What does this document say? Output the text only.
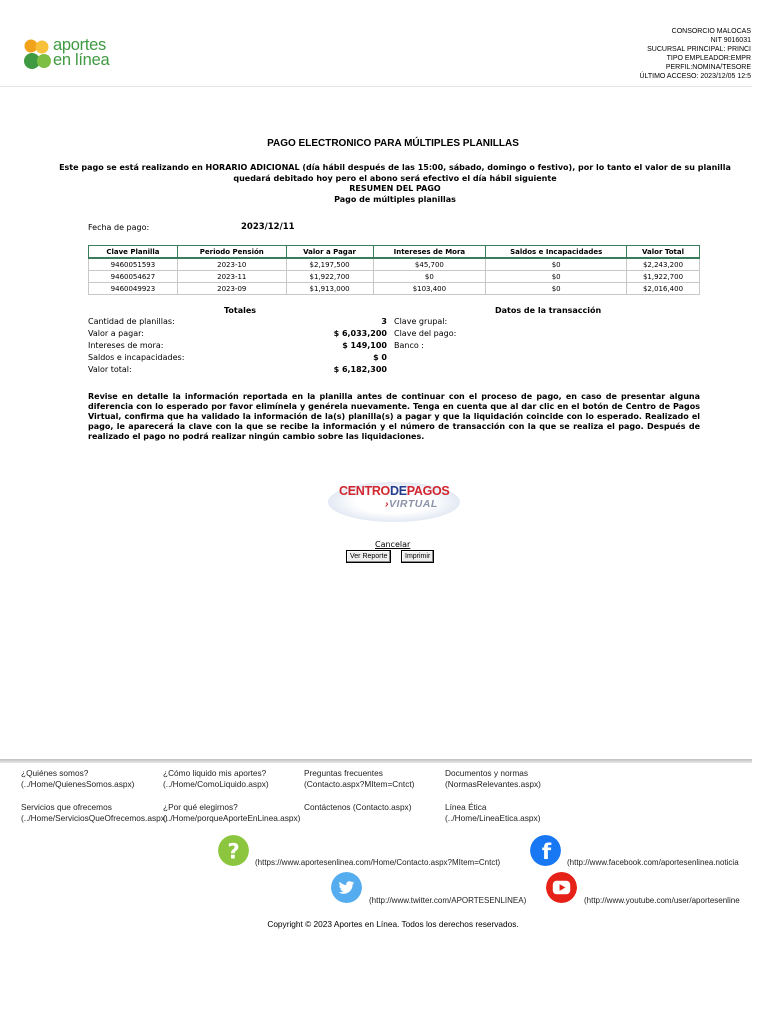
aportes
en línea
CONSORCIO MALOCAS
NIT 9016031
SUCURSAL PRINCIPAL: PRINCI
TIPO EMPLEADOR:EMPR
PERFIL:NOMINA/TESORE
ÚLTIMO ACCESO: 2023/12/05 12:5
PAGO ELECTRONICO PARA MÚLTIPLES PLANILLAS
Este pago se está realizando en HORARIO ADICIONAL (día hábil después de las 15:00, sábado, domingo o festivo), por lo tanto el valor de su planilla
quedará debitado hoy pero el abono será efectivo el día hábil siguiente
RESUMEN DEL PAGO
Pago de múltiples planillas
Fecha de pago:	2023/12/11
Clave Planilla	Periodo Pensión	Valor a Pagar	Intereses de Mora	Saldos e Incapacidades	Valor Total
9460051593	2023-10	$2,197,500	$45,700	$0	$2,243,200
9460054627	2023-11	$1,922,700	$0	$0	$1,922,700
9460049923	2023-09	$1,913,000	$103,400	$0	$2,016,400
Totales	Datos de la transacción
Cantidad de planillas:	3
Valor a pagar:	$ 6,033,200
Intereses de mora:	$ 149,100
Saldos e incapacidades:	$ 0
Valor total:	$ 6,182,300
Clave grupal:
Clave del pago:
Banco :
Revise en detalle la información reportada en la planilla antes de continuar con el proceso de pago, en caso de presentar alguna diferencia con lo esperado por favor elimínela y genérela nuevamente. Tenga en cuenta que al dar clic en el botón de Centro de Pagos Virtual, confirma que ha validado la información de la(s) planilla(s) a pagar y que la liquidación coincide con lo esperado. Realizado el pago, le aparecerá la clave con la que se recibe la información y el número de transacción con la que se realiza el pago. Después de realizado el pago no podrá realizar ningún cambio sobre las liquidaciones.
CENTRODEPAGOS
›VIRTUAL
Cancelar
Ver Reporte	Imprimir
¿Quiénes somos?
(../Home/QuienesSomos.aspx)
¿Cómo liquido mis aportes?
(../Home/ComoLiquido.aspx)
Preguntas frecuentes
(Contacto.aspx?MItem=Cntct)
Documentos y normas
(NormasRelevantes.aspx)
Servicios que ofrecemos
(../Home/ServiciosQueOfrecemos.aspx)
¿Por qué elegirnos?
(../Home/porqueAporteEnLinea.aspx)
Contáctenos (Contacto.aspx)	Línea Ética
(../Home/LineaEtica.aspx)
? (https://www.aportesenlinea.com/Home/Contacto.aspx?MItem=Cntct) f (http://www.facebook.com/aportesenlinea.noticia
(http://www.twitter.com/APORTESENLINEA)	(http://www.youtube.com/user/aportesenline
Copyright © 2023 Aportes en Línea. Todos los derechos reservados.
